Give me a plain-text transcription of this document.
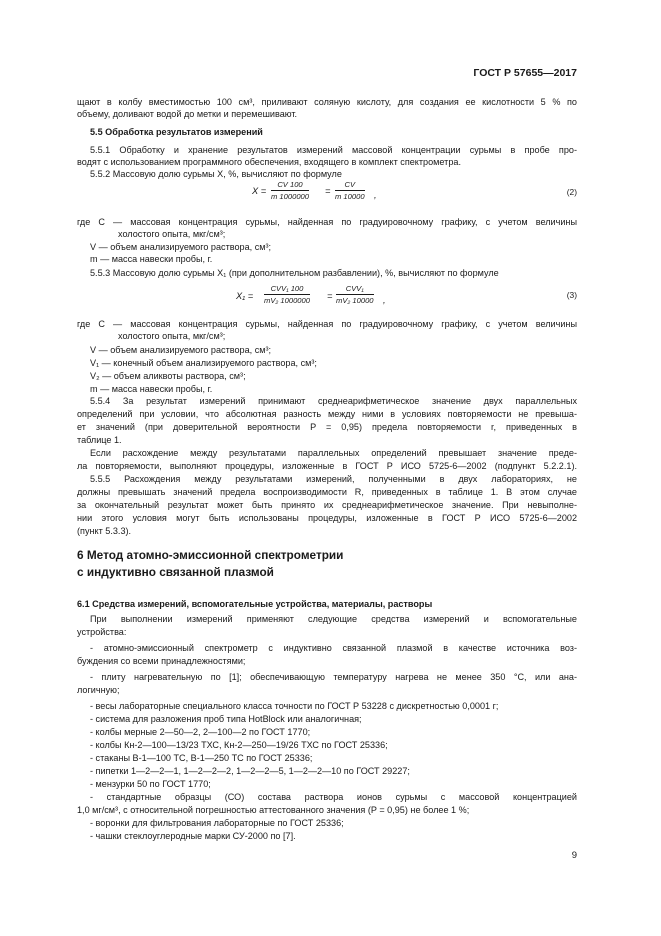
ГОСТ Р 57655—2017
щают в колбу вместимостью 100 см³, приливают соляную кислоту, для создания ее кислотности 5 % по
объему, доливают водой до метки и перемешивают.
5.5 Обработка результатов измерений
5.5.1 Обработку и хранение результатов измерений массовой концентрации сурьмы в пробе про-
водят с использованием программного обеспечения, входящего в комплект спектрометра.
5.5.2 Массовую долю сурьмы X, %, вычисляют по формуле
где C — массовая концентрация сурьмы, найденная по градуировочному графику, с учетом величины
холостого опыта, мкг/см³;
V — объем анализируемого раствора, см³;
m — масса навески пробы, г.
5.5.3 Массовую долю сурьмы X₁ (при дополнительном разбавлении), %, вычисляют по формуле
где C — массовая концентрация сурьмы, найденная по градуировочному графику, с учетом величины
холостого опыта, мкг/см³;
V — объем анализируемого раствора, см³;
V₁ — конечный объем анализируемого раствора, см³;
V₂ — объем аликвоты раствора, см³;
m — масса навески пробы, г.
5.5.4 За результат измерений принимают среднеарифметическое значение двух параллельных
определений при условии, что абсолютная разность между ними в условиях повторяемости не превыша-
ет значений (при доверительной вероятности P = 0,95) предела повторяемости r, приведенных в
таблице 1.
Если расхождение между результатами параллельных определений превышает значение преде-
ла повторяемости, выполняют процедуры, изложенные в ГОСТ Р ИСО 5725-6—2002 (подпункт 5.2.2.1).
5.5.5 Расхождения между результатами измерений, полученными в двух лабораториях, не
должны превышать значений предела воспроизводимости R, приведенных в таблице 1. В этом случае
за окончательный результат может быть принято их среднеарифметическое значение. При невыполне-
нии этого условия могут быть использованы процедуры, изложенные в ГОСТ Р ИСО 5725-6—2002
(пункт 5.3.3).
6.1 Средства измерений, вспомогательные устройства, материалы, растворы
При выполнении измерений применяют следующие средства измерений и вспомогательные
устройства:
- атомно-эмиссионный спектрометр с индуктивно связанной плазмой в качестве источника воз-
буждения со всеми принадлежностями;
- плиту нагревательную по [1]; обеспечивающую температуру нагрева не менее 350 °С, или ана-
логичную;
- весы лабораторные специального класса точности по ГОСТ Р 53228 с дискретностью 0,0001 г;
- система для разложения проб типа HotBlock или аналогичная;
- колбы мерные 2—50—2, 2—100—2 по ГОСТ 1770;
- колбы Кн-2—100—13/23 ТХС, Кн-2—250—19/26 ТХС по ГОСТ 25336;
- стаканы В-1—100 ТС, В-1—250 ТС по ГОСТ 25336;
- пипетки 1—2—2—1, 1—2—2—2, 1—2—2—5, 1—2—2—10 по ГОСТ 29227;
- мензурки 50 по ГОСТ 1770;
- стандартные образцы (СО) состава раствора ионов сурьмы с массовой концентрацией
1,0 мг/см³, с относительной погрешностью аттестованного значения (P = 0,95) не более 1 %;
- воронки для фильтрования лабораторные по ГОСТ 25336;
- чашки стеклоуглеродные марки СУ-2000 по [7].
$X = \frac{CV 100}{m 1000000} = \frac{CV}{m 10000}$ ,	(2)
X₁ =
CVV₁ 100
mV₂ 1000000 =
CVV₁
mV₂ 10000 ,	(3)
6 Метод атомно-эмиссионной спектрометрии
с индуктивно связанной плазмой
9
